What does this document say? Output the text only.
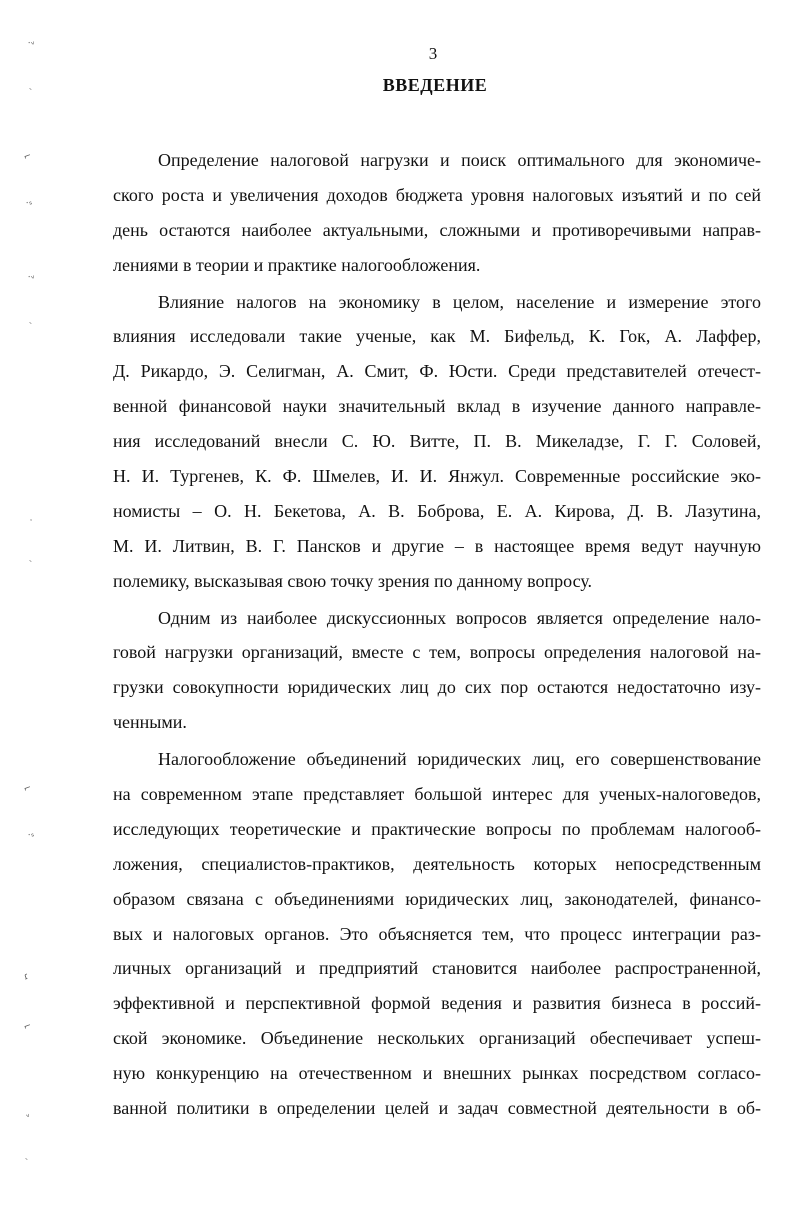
3
ВВЕДЕНИЕ
Определение налоговой нагрузки и поиск оптимального для экономиче-
ского роста и увеличения доходов бюджета уровня налоговых изъятий и по сей
день остаются наиболее актуальными, сложными и противоречивыми направ-
лениями в теории и практике налогообложения.
Влияние налогов на экономику в целом, население и измерение этого
влияния исследовали такие ученые, как М. Бифельд, К. Гок, А. Лаффер,
Д. Рикардо, Э. Селигман, А. Смит, Ф. Юсти. Среди представителей отечест-
венной финансовой науки значительный вклад в изучение данного направле-
ния исследований внесли С. Ю. Витте, П. В. Микеладзе, Г. Г. Соловей,
Н. И. Тургенев, К. Ф. Шмелев, И. И. Янжул. Современные российские эко-
номисты – О. Н. Бекетова, А. В. Боброва, Е. А. Кирова, Д. В. Лазутина,
М. И. Литвин, В. Г. Пансков и другие – в настоящее время ведут научную
полемику, высказывая свою точку зрения по данному вопросу.
Одним из наиболее дискуссионных вопросов является определение нало-
говой нагрузки организаций, вместе с тем, вопросы определения налоговой на-
грузки совокупности юридических лиц до сих пор остаются недостаточно изу-
ченными.
Налогообложение объединений юридических лиц, его совершенствование
на современном этапе представляет большой интерес для ученых-налоговедов,
исследующих теоретические и практические вопросы по проблемам налогооб-
ложения, специалистов-практиков, деятельность которых непосредственным
образом связана с объединениями юридических лиц, законодателей, финансо-
вых и налоговых органов. Это объясняется тем, что процесс интеграции раз-
личных организаций и предприятий становится наиболее распространенной,
эффективной и перспективной формой ведения и развития бизнеса в россий-
ской экономике. Объединение нескольких организаций обеспечивает успеш-
ную конкуренцию на отечественном и внешних рынках посредством согласо-
ванной политики в определении целей и задач совместной деятельности в об-
·ᵥ
ˋ
⌐
·ₛ
·ᵥ
ˋ
·
ˋ
⌐
·ₛ
ɾ
⌐
ᵥ
ˋ
